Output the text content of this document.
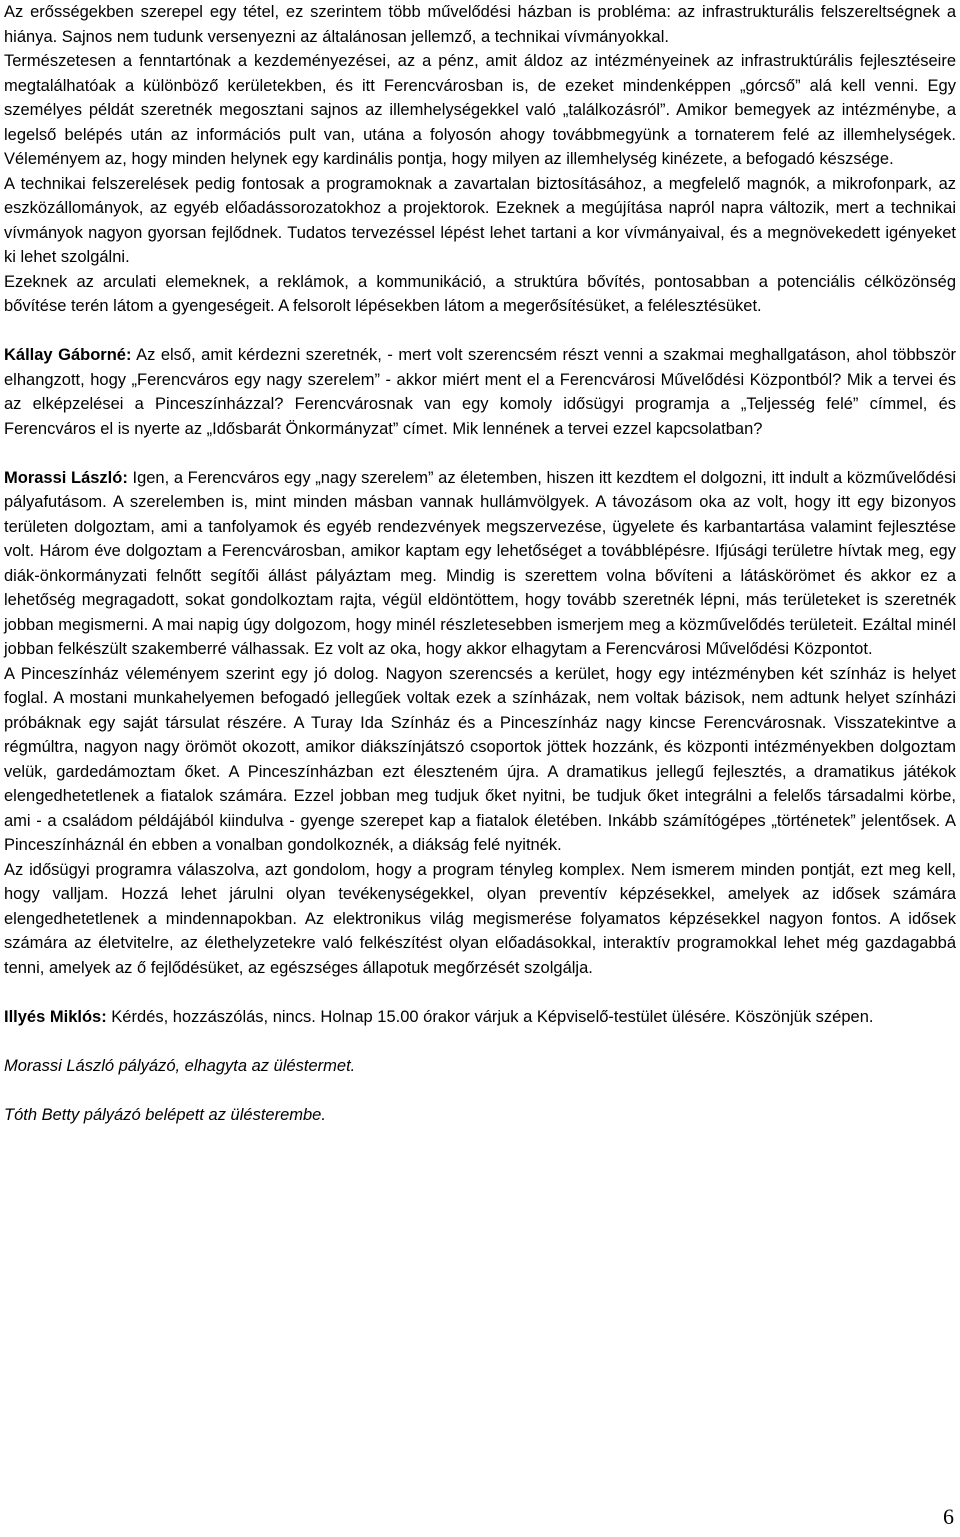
Az erősségekben szerepel egy tétel, ez szerintem több művelődési házban is probléma: az infrastrukturális felszereltségnek a hiánya. Sajnos nem tudunk versenyezni az általánosan jellemző, a technikai vívmányokkal.

Természetesen a fenntartónak a kezdeményezései, az a pénz, amit áldoz az intézményeinek az infrastruktúrális fejlesztéseire megtalálhatóak a különböző kerületekben, és itt Ferencvárosban is, de ezeket mindenképpen „górcső” alá kell venni. Egy személyes példát szeretnék megosztani sajnos az illemhelységekkel való „találkozásról”. Amikor bemegyek az intézménybe, a legelső belépés után az információs pult van, utána a folyosón ahogy továbbmegyünk a tornaterem felé az illemhelységek. Véleményem az, hogy minden helynek egy kardinális pontja, hogy milyen az illemhelység kinézete, a befogadó készsége.

A technikai felszerelések pedig fontosak a programoknak a zavartalan biztosításához, a megfelelő magnók, a mikrofonpark, az eszközállományok, az egyéb előadássorozatokhoz a projektorok. Ezeknek a megújítása napról napra változik, mert a technikai vívmányok nagyon gyorsan fejlődnek. Tudatos tervezéssel lépést lehet tartani a kor vívmányaival, és a megnövekedett igényeket ki lehet szolgálni.

Ezeknek az arculati elemeknek, a reklámok, a kommunikáció, a struktúra bővítés, pontosabban a potenciális célközönség bővítése terén látom a gyengeségeit. A felsorolt lépésekben látom a megerősítésüket, a felélesztésüket.

Kállay Gáborné: Az első, amit kérdezni szeretnék, - mert volt szerencsém részt venni a szakmai meghallgatáson, ahol többször elhangzott, hogy „Ferencváros egy nagy szerelem” - akkor miért ment el a Ferencvárosi Művelődési Központból? Mik a tervei és az elképzelései a Pinceszínházzal? Ferencvárosnak van egy komoly idősügyi programja a „Teljesség felé” címmel, és Ferencváros el is nyerte az „Idősbarát Önkormányzat” címet. Mik lennének a tervei ezzel kapcsolatban?

Morassi László: Igen, a Ferencváros egy „nagy szerelem” az életemben, hiszen itt kezdtem el dolgozni, itt indult a közművelődési pályafutásom. A szerelemben is, mint minden másban vannak hullámvölgyek. A távozásom oka az volt, hogy itt egy bizonyos területen dolgoztam, ami a tanfolyamok és egyéb rendezvények megszervezése, ügyelete és karbantartása valamint fejlesztése volt. Három éve dolgoztam a Ferencvárosban, amikor kaptam egy lehetőséget a továbblépésre. Ifjúsági területre hívtak meg, egy diák-önkormányzati felnőtt segítői állást pályáztam meg. Mindig is szerettem volna bővíteni a látáskörömet és akkor ez a lehetőség megragadott, sokat gondolkoztam rajta, végül eldöntöttem, hogy tovább szeretnék lépni, más területeket is szeretnék jobban megismerni. A mai napig úgy dolgozom, hogy minél részletesebben ismerjem meg a közművelődés területeit. Ezáltal minél jobban felkészült szakemberré válhassak. Ez volt az oka, hogy akkor elhagytam a Ferencvárosi Művelődési Központot.

A Pinceszínház véleményem szerint egy jó dolog. Nagyon szerencsés a kerület, hogy egy intézményben két színház is helyet foglal. A mostani munkahelyemen befogadó jellegűek voltak ezek a színházak, nem voltak bázisok, nem adtunk helyet színházi próbáknak egy saját társulat részére. A Turay Ida Színház és a Pinceszínház nagy kincse Ferencvárosnak. Visszatekintve a régmúltra, nagyon nagy örömöt okozott, amikor diákszínjátszó csoportok jöttek hozzánk, és központi intézményekben dolgoztam velük, gardedámoztam őket. A Pinceszínházban ezt éleszteném újra. A dramatikus jellegű fejlesztés, a dramatikus játékok elengedhetetlenek a fiatalok számára. Ezzel jobban meg tudjuk őket nyitni, be tudjuk őket integrálni a felelős társadalmi körbe, ami - a családom példájából kiindulva - gyenge szerepet kap a fiatalok életében. Inkább számítógépes „történetek” jelentősek. A Pinceszínháznál én ebben a vonalban gondolkoznék, a diákság felé nyitnék.

Az idősügyi programra válaszolva, azt gondolom, hogy a program tényleg komplex. Nem ismerem minden pontját, ezt meg kell, hogy valljam. Hozzá lehet járulni olyan tevékenységekkel, olyan preventív képzésekkel, amelyek az idősek számára elengedhetetlenek a mindennapokban. Az elektronikus világ megismerése folyamatos képzésekkel nagyon fontos. A idősek számára az életvitelre, az élethelyzetekre való felkészítést olyan előadásokkal, interaktív programokkal lehet még gazdagabbá tenni, amelyek az ő fejlődésüket, az egészséges állapotuk megőrzését szolgálja.

Illyés Miklós: Kérdés, hozzászólás, nincs. Holnap 15.00 órakor várjuk a Képviselő-testület ülésére. Köszönjük szépen.

Morassi László pályázó, elhagyta az üléstermet.

Tóth Betty pályázó belépett az ülésterembe.

6
